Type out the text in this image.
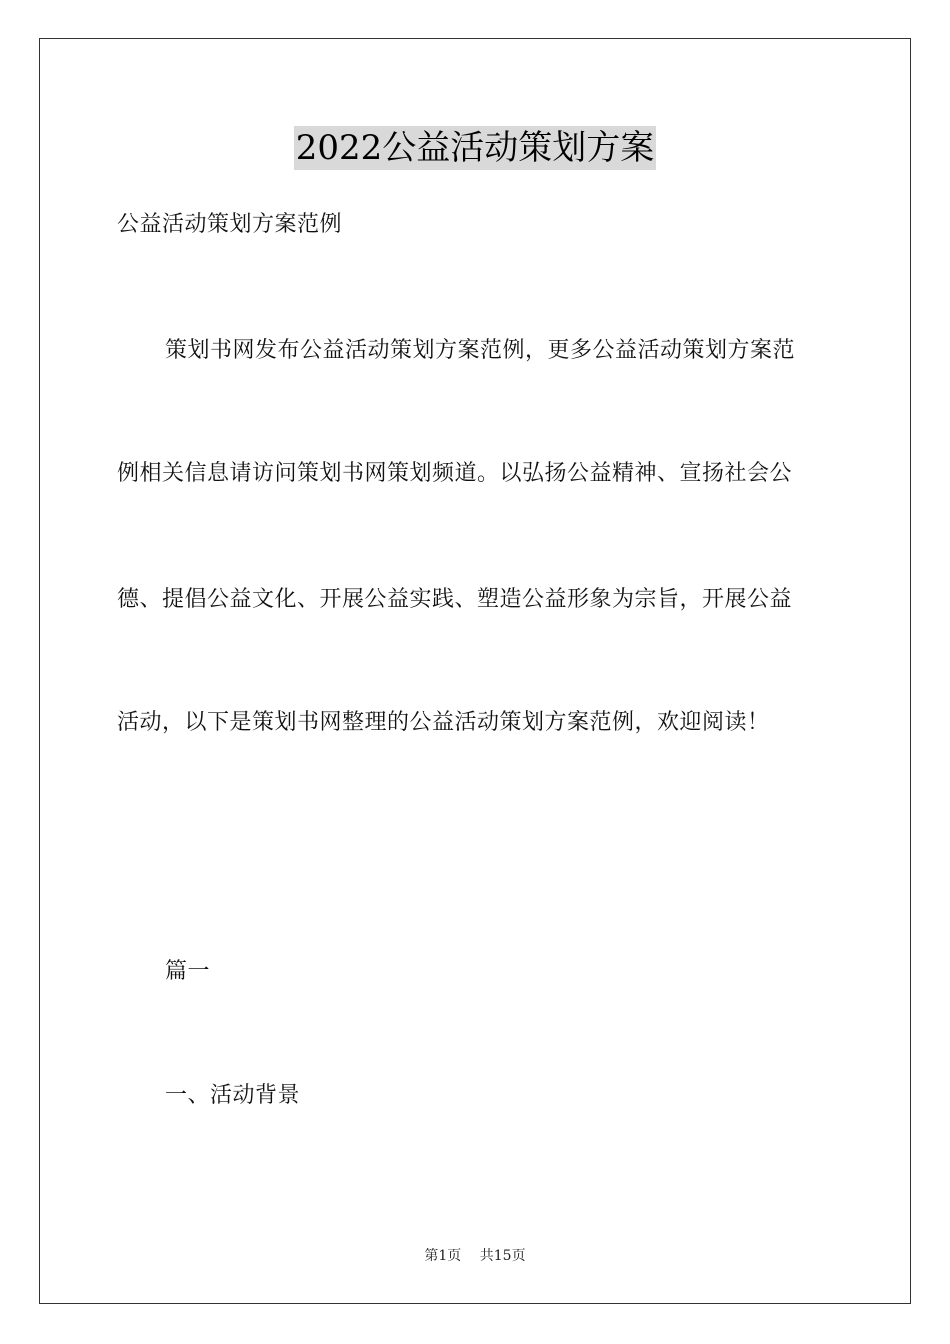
2022公益活动策划方案
公益活动策划方案范例
策划书网发布公益活动策划方案范例，更多公益活动策划方案范
例相关信息请访问策划书网策划频道。以弘扬公益精神、宣扬社会公
德、提倡公益文化、开展公益实践、塑造公益形象为宗旨，开展公益
活动，以下是策划书网整理的公益活动策划方案范例，欢迎阅读！
篇一
一、活动背景
第1页 共15页
